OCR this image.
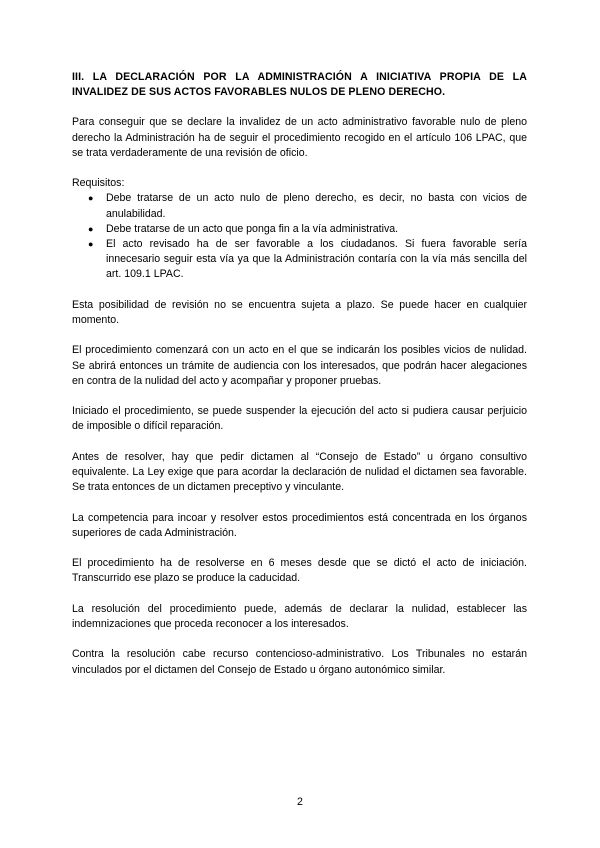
III. LA DECLARACIÓN POR LA ADMINISTRACIÓN A INICIATIVA PROPIA DE LA INVALIDEZ DE SUS ACTOS FAVORABLES NULOS DE PLENO DERECHO.
Para conseguir que se declare la invalidez de un acto administrativo favorable nulo de pleno derecho la Administración ha de seguir el procedimiento recogido en el artículo 106 LPAC, que se trata verdaderamente de una revisión de oficio.
Requisitos:
● Debe tratarse de un acto nulo de pleno derecho, es decir, no basta con vicios de anulabilidad.
● Debe tratarse de un acto que ponga fin a la vía administrativa.
● El acto revisado ha de ser favorable a los ciudadanos. Si fuera favorable sería innecesario seguir esta vía ya que la Administración contaría con la vía más sencilla del art. 109.1 LPAC.
Esta posibilidad de revisión no se encuentra sujeta a plazo. Se puede hacer en cualquier momento.
El procedimiento comenzará con un acto en el que se indicarán los posibles vicios de nulidad. Se abrirá entonces un trámite de audiencia con los interesados, que podrán hacer alegaciones en contra de la nulidad del acto y acompañar y proponer pruebas.
Iniciado el procedimiento, se puede suspender la ejecución del acto si pudiera causar perjuicio de imposible o difícil reparación.
Antes de resolver, hay que pedir dictamen al “Consejo de Estado” u órgano consultivo equivalente. La Ley exige que para acordar la declaración de nulidad el dictamen sea favorable. Se trata entonces de un dictamen preceptivo y vinculante.
La competencia para incoar y resolver estos procedimientos está concentrada en los órganos superiores de cada Administración.
El procedimiento ha de resolverse en 6 meses desde que se dictó el acto de iniciación. Transcurrido ese plazo se produce la caducidad.
La resolución del procedimiento puede, además de declarar la nulidad, establecer las indemnizaciones que proceda reconocer a los interesados.
Contra la resolución cabe recurso contencioso-administrativo. Los Tribunales no estarán vinculados por el dictamen del Consejo de Estado u órgano autonómico similar.
2
